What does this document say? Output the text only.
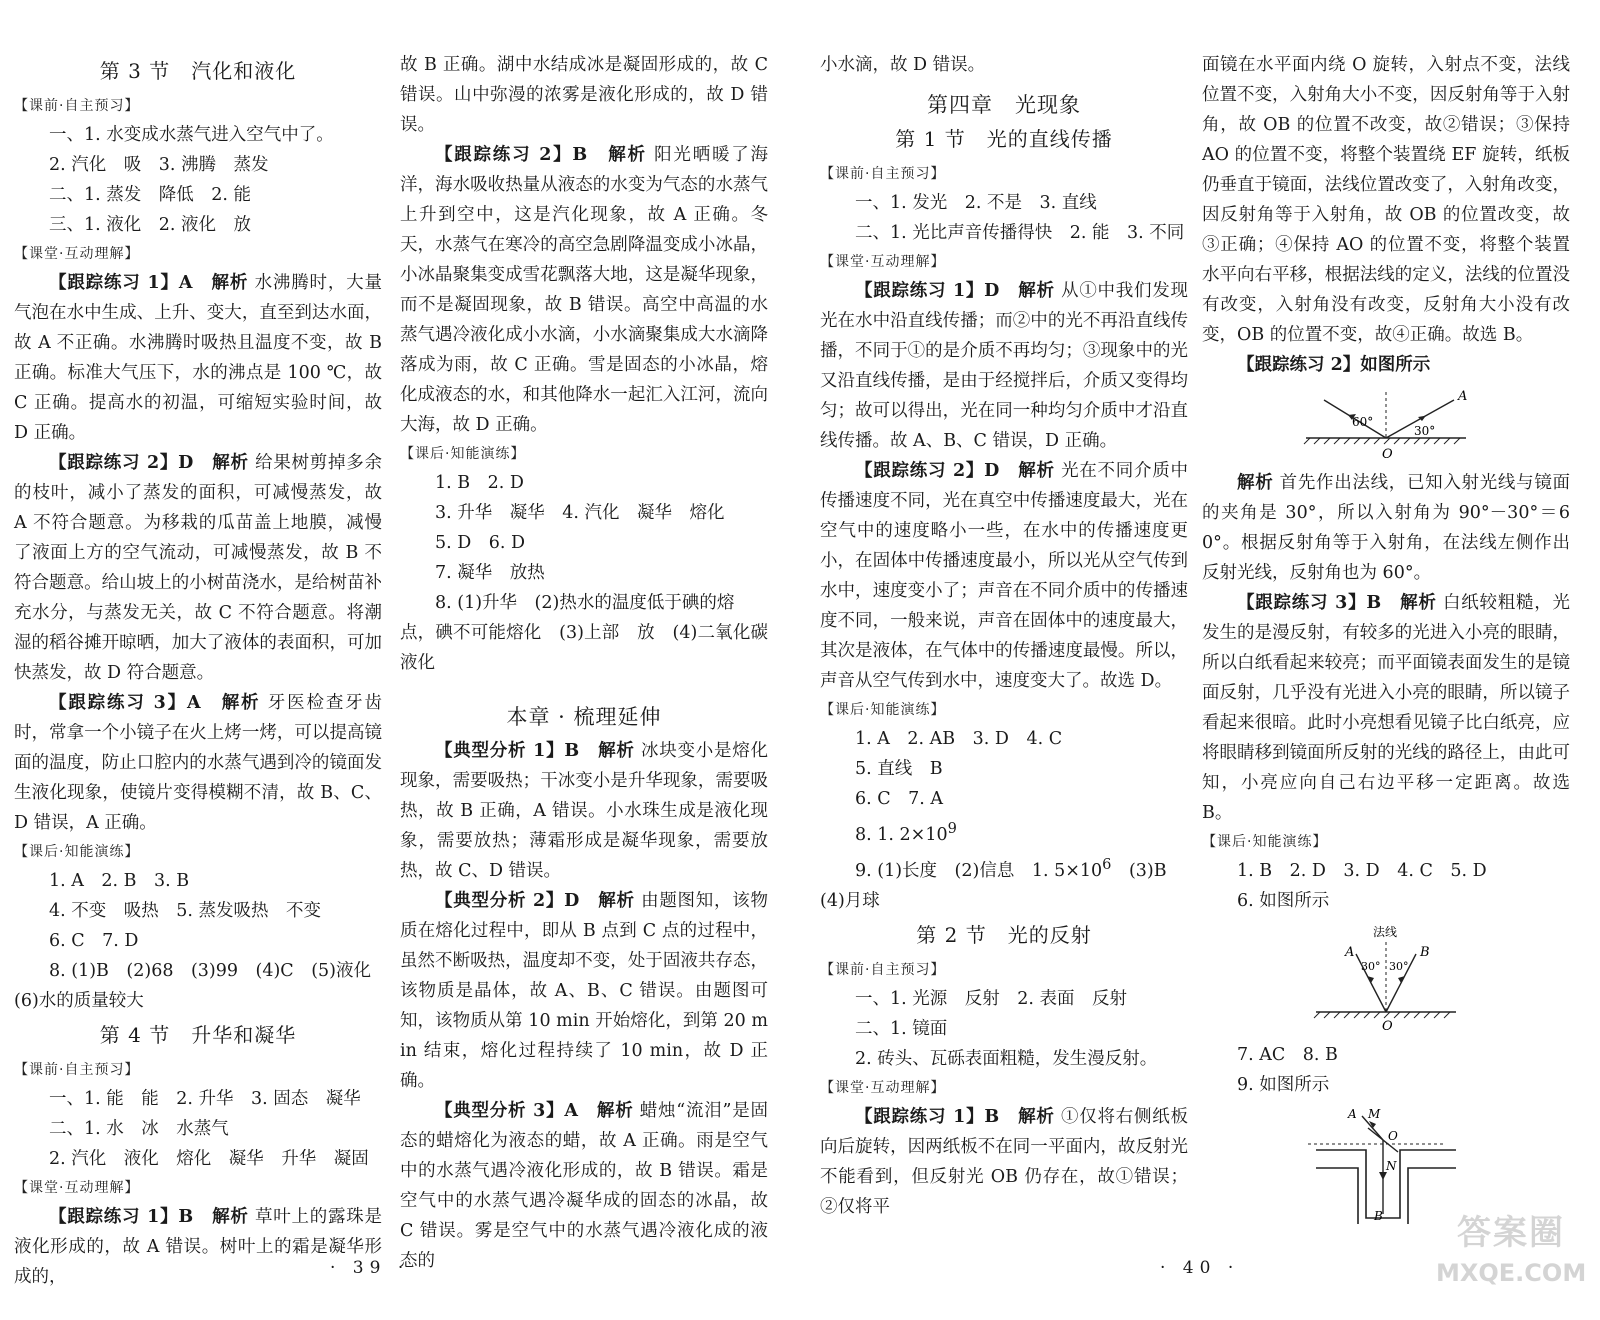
第 3 节　汽化和液化
【课前·自主预习】

一、1. 水变成水蒸气进入空气中了。

2. 汽化　吸　3. 沸腾　蒸发

二、1. 蒸发　降低　2. 能

三、1. 液化　2. 液化　放

【课堂·互动理解】

【跟踪练习 1】A　解析 水沸腾时，大量气泡在水中生成、上升、变大，直至到达水面，故 A 不正确。水沸腾时吸热且温度不变，故 B 正确。标准大气压下，水的沸点是 100 ℃，故 C 正确。提高水的初温，可缩短实验时间，故 D 正确。

【跟踪练习 2】D　解析 给果树剪掉多余的枝叶，减小了蒸发的面积，可减慢蒸发，故 A 不符合题意。为移栽的瓜苗盖上地膜，减慢了液面上方的空气流动，可减慢蒸发，故 B 不符合题意。给山坡上的小树苗浇水，是给树苗补充水分，与蒸发无关，故 C 不符合题意。将潮湿的稻谷摊开晾晒，加大了液体的表面积，可加快蒸发，故 D 符合题意。

【跟踪练习 3】A　解析 牙医检查牙齿时，常拿一个小镜子在火上烤一烤，可以提高镜面的温度，防止口腔内的水蒸气遇到冷的镜面发生液化现象，使镜片变得模糊不清，故 B、C、D 错误，A 正确。

【课后·知能演练】

1. A　2. B　3. B

4. 不变　吸热　5. 蒸发吸热　不变

6. C　7. D

8. (1)B　(2)68　(3)99　(4)C　(5)液化

(6)水的质量较大

第 4 节　升华和凝华
【课前·自主预习】

一、1. 能　能　2. 升华　3. 固态　凝华

二、1. 水　冰　水蒸气

2. 汽化　液化　熔化　凝华　升华　凝固

【课堂·互动理解】

【跟踪练习 1】B　解析 草叶上的露珠是液化形成的，故 A 错误。树叶上的霜是凝华形成的，

故 B 正确。湖中水结成冰是凝固形成的，故 C 错误。山中弥漫的浓雾是液化形成的，故 D 错误。

【跟踪练习 2】B　解析 阳光晒暖了海洋，海水吸收热量从液态的水变为气态的水蒸气上升到空中，这是汽化现象，故 A 正确。冬天，水蒸气在寒冷的高空急剧降温变成小冰晶，小冰晶聚集变成雪花飘落大地，这是凝华现象，而不是凝固现象，故 B 错误。高空中高温的水蒸气遇冷液化成小水滴，小水滴聚集成大水滴降落成为雨，故 C 正确。雪是固态的小冰晶，熔化成液态的水，和其他降水一起汇入江河，流向大海，故 D 正确。

【课后·知能演练】

1. B　2. D

3. 升华　凝华　4. 汽化　凝华　熔化

5. D　6. D

7. 凝华　放热

8. (1)升华　(2)热水的温度低于碘的熔

点，碘不可能熔化　(3)上部　放　(4)二氧化碳　液化

本章 · 梳理延伸

【典型分析 1】B　解析 冰块变小是熔化现象，需要吸热；干冰变小是升华现象，需要吸热，故 B 正确，A 错误。小水珠生成是液化现象，需要放热；薄霜形成是凝华现象，需要放热，故 C、D 错误。

【典型分析 2】D　解析 由题图知，该物质在熔化过程中，即从 B 点到 C 点的过程中，虽然不断吸热，温度却不变，处于固液共存态，该物质是晶体，故 A、B、C 错误。由题图可知，该物质从第 10 min 开始熔化，到第 20 min 结束，熔化过程持续了 10 min，故 D 正确。

【典型分析 3】A　解析 蜡烛“流泪”是固态的蜡熔化为液态的蜡，故 A 正确。雨是空气中的水蒸气遇冷液化形成的，故 B 错误。霜是空气中的水蒸气遇冷凝华成的固态的冰晶，故 C 错误。雾是空气中的水蒸气遇冷液化成的液态的

· 39 ·

小水滴，故 D 错误。

第四章　光现象
第 1 节　光的直线传播
【课前·自主预习】

一、1. 发光　2. 不是　3. 直线

二、1. 光比声音传播得快　2. 能　3. 不同

【课堂·互动理解】

【跟踪练习 1】D　解析 从①中我们发现光在水中沿直线传播；而②中的光不再沿直线传播，不同于①的是介质不再均匀；③现象中的光又沿直线传播，是由于经搅拌后，介质又变得均匀；故可以得出，光在同一种均匀介质中才沿直线传播。故 A、B、C 错误，D 正确。

【跟踪练习 2】D　解析 光在不同介质中传播速度不同，光在真空中传播速度最大，光在空气中的速度略小一些，在水中的传播速度更小，在固体中传播速度最小，所以光从空气传到水中，速度变小了；声音在不同介质中的传播速度不同，一般来说，声音在固体中的速度最大，其次是液体，在气体中的传播速度最慢。所以，声音从空气传到水中，速度变大了。故选 D。

【课后·知能演练】

1. A　2. AB　3. D　4. C

5. 直线　B

6. C　7. A

8. 1. $2\times 10^9$

9. (1)长度　(2)信息　1. $5\times 10^6$　(3)B

(4)月球

第 2 节　光的反射
【课前·自主预习】

一、1. 光源　反射　2. 表面　反射

二、1. 镜面

2. 砖头、瓦砾表面粗糙，发生漫反射。

【课堂·互动理解】

【跟踪练习 1】B　解析 ①仅将右侧纸板向后旋转，因两纸板不在同一平面内，故反射光不能看到，但反射光 OB 仍存在，故①错误；②仅将平

面镜在水平面内绕 O 旋转，入射点不变，法线位置不变，入射角大小不变，因反射角等于入射角，故 OB 的位置不改变，故②错误；③保持 AO 的位置不变，将整个装置绕 EF 旋转，纸板仍垂直于镜面，法线位置改变了，入射角改变，因反射角等于入射角，故 OB 的位置改变，故③正确；④保持 AO 的位置不变，将整个装置水平向右平移，根据法线的定义，法线的位置没有改变，入射角没有改变，反射角大小没有改变，OB 的位置不变，故④正确。故选 B。

【跟踪练习 2】如图所示

A
60°
30°
O

解析 首先作出法线，已知入射光线与镜面的夹角是 30°，所以入射角为 90°－30°＝60°。根据反射角等于入射角，在法线左侧作出反射光线，反射角也为 60°。

【跟踪练习 3】B　解析 白纸较粗糙，光发生的是漫反射，有较多的光进入小亮的眼睛，所以白纸看起来较亮；而平面镜表面发生的是镜面反射，几乎没有光进入小亮的眼睛，所以镜子看起来很暗。此时小亮想看见镜子比白纸亮，应将眼睛移到镜面所反射的光线的路径上，由此可知，小亮应向自己右边平移一定距离。故选 B。

【课后·知能演练】

1. B　2. D　3. D　4. C　5. D

6. 如图所示

法线
A	B
30° 30°
O

7. AC　8. B

9. 如图所示

A M
O
N
B
· 40 ·
答案圈
MXQE.COM
